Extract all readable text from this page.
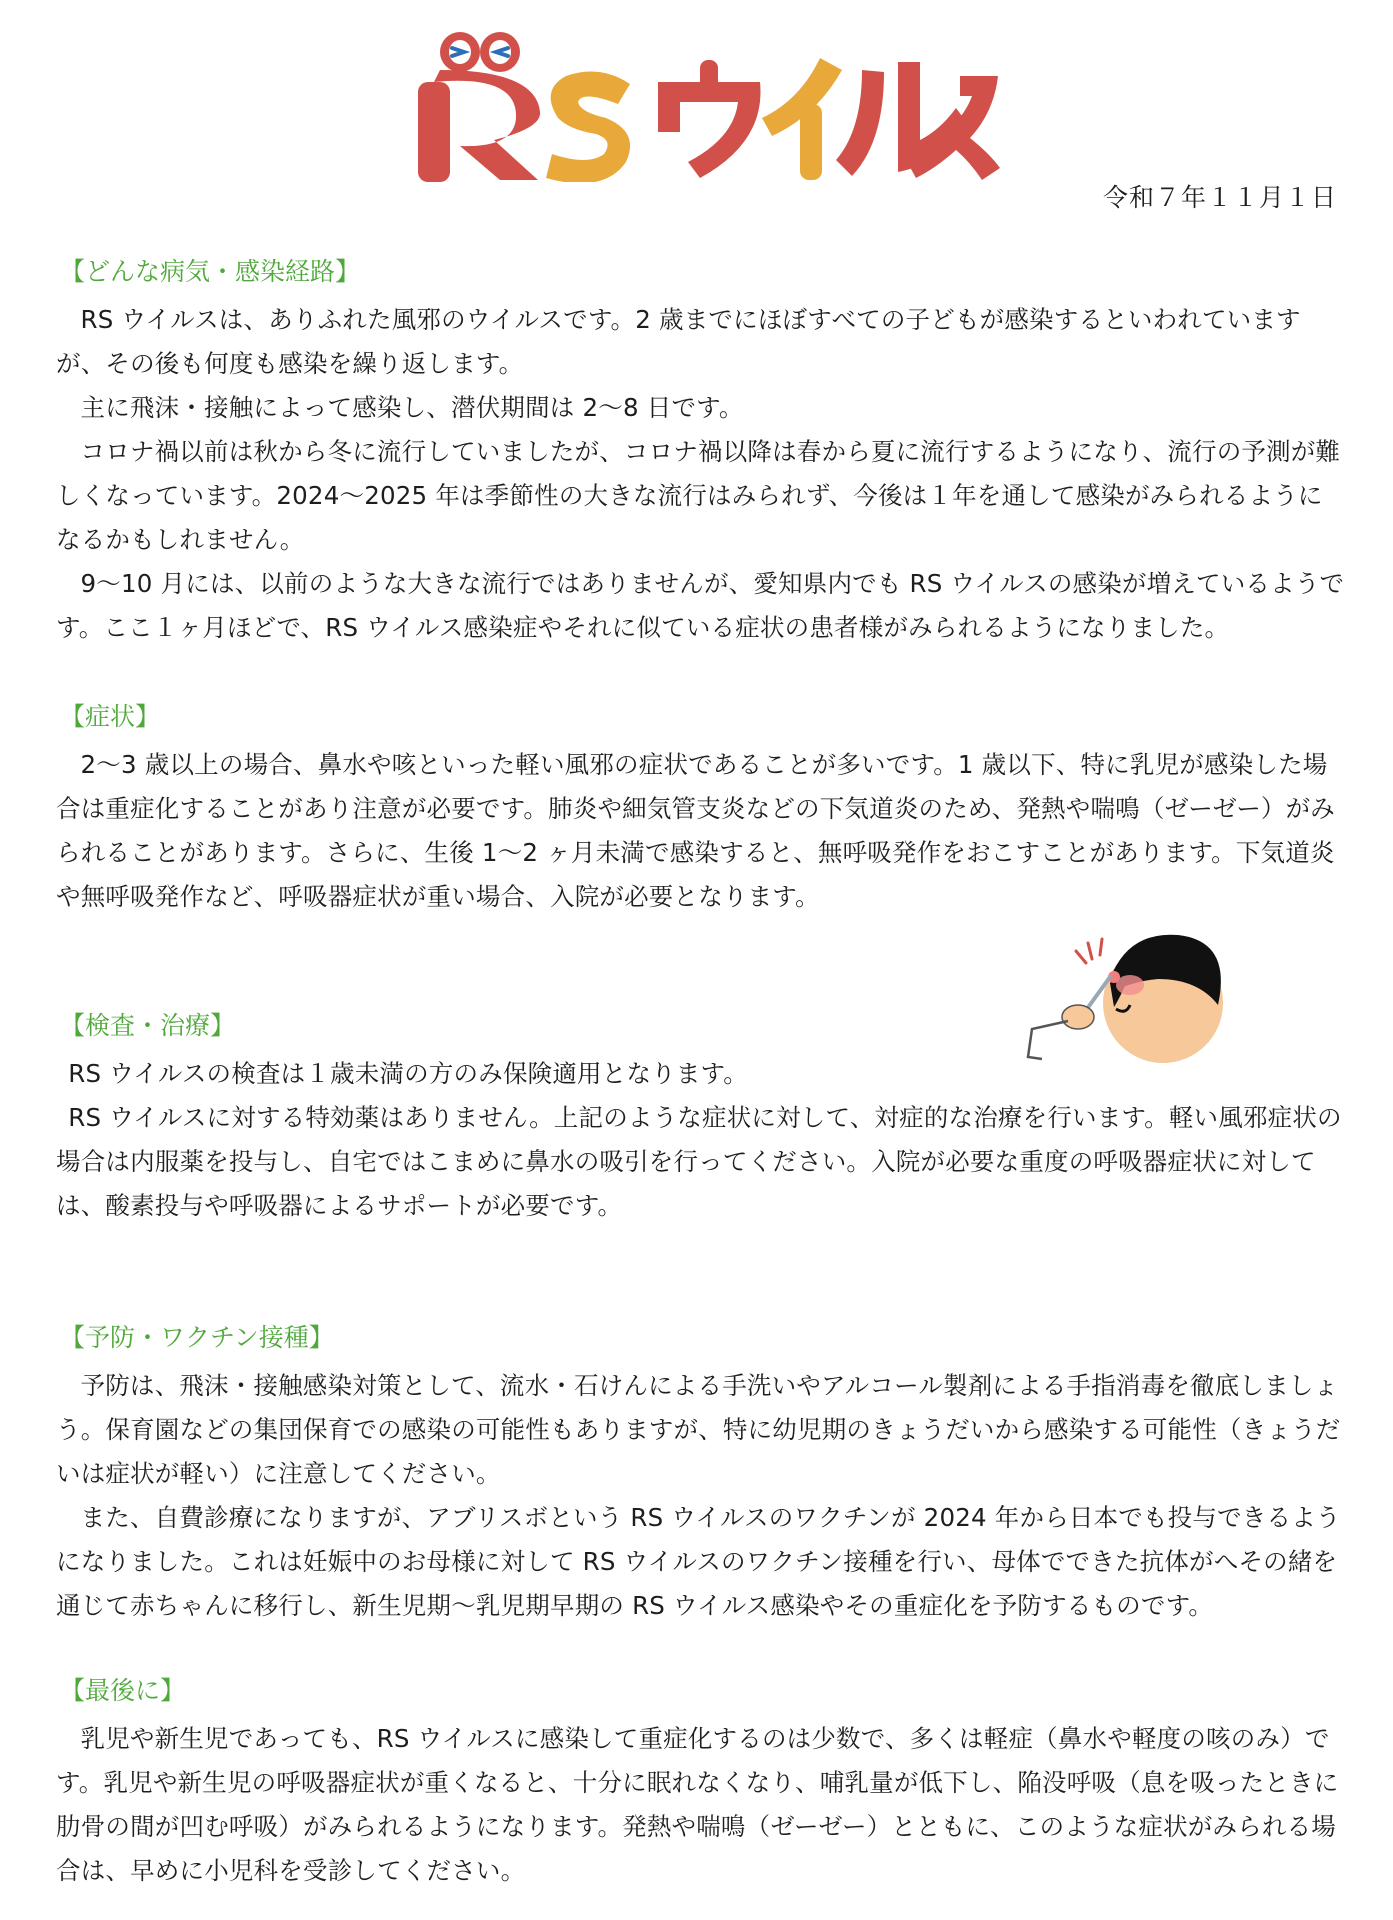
令和７年１１月１日
【どんな病気・感染経路】

RS ウイルスは、ありふれた風邪のウイルスです。2 歳までにほぼすべての子どもが感染するといわれていますが、その後も何度も感染を繰り返します。

主に飛沫・接触によって感染し、潜伏期間は 2～8 日です。

コロナ禍以前は秋から冬に流行していましたが、コロナ禍以降は春から夏に流行するようになり、流行の予測が難しくなっています。2024～2025 年は季節性の大きな流行はみられず、今後は１年を通して感染がみられるようになるかもしれません。

9～10 月には、以前のような大きな流行ではありませんが、愛知県内でも RS ウイルスの感染が増えているようです。ここ１ヶ月ほどで、RS ウイルス感染症やそれに似ている症状の患者様がみられるようになりました。

【症状】

2～3 歳以上の場合、鼻水や咳といった軽い風邪の症状であることが多いです。1 歳以下、特に乳児が感染した場合は重症化することがあり注意が必要です。肺炎や細気管支炎などの下気道炎のため、発熱や喘鳴（ゼーゼー）がみられることがあります。さらに、生後 1～2 ヶ月未満で感染すると、無呼吸発作をおこすことがあります。下気道炎や無呼吸発作など、呼吸器症状が重い場合、入院が必要となります。

【検査・治療】

RS ウイルスの検査は１歳未満の方のみ保険適用となります。

RS ウイルスに対する特効薬はありません。上記のような症状に対して、対症的な治療を行います。軽い風邪症状の場合は内服薬を投与し、自宅ではこまめに鼻水の吸引を行ってください。入院が必要な重度の呼吸器症状に対しては、酸素投与や呼吸器によるサポートが必要です。

【予防・ワクチン接種】

予防は、飛沫・接触感染対策として、流水・石けんによる手洗いやアルコール製剤による手指消毒を徹底しましょう。保育園などの集団保育での感染の可能性もありますが、特に幼児期のきょうだいから感染する可能性（きょうだいは症状が軽い）に注意してください。

また、自費診療になりますが、アブリスボという RS ウイルスのワクチンが 2024 年から日本でも投与できるようになりました。これは妊娠中のお母様に対して RS ウイルスのワクチン接種を行い、母体でできた抗体がへその緒を通じて赤ちゃんに移行し、新生児期～乳児期早期の RS ウイルス感染やその重症化を予防するものです。

【最後に】

乳児や新生児であっても、RS ウイルスに感染して重症化するのは少数で、多くは軽症（鼻水や軽度の咳のみ）です。乳児や新生児の呼吸器症状が重くなると、十分に眠れなくなり、哺乳量が低下し、陥没呼吸（息を吸ったときに肋骨の間が凹む呼吸）がみられるようになります。発熱や喘鳴（ゼーゼー）とともに、このような症状がみられる場合は、早めに小児科を受診してください。
